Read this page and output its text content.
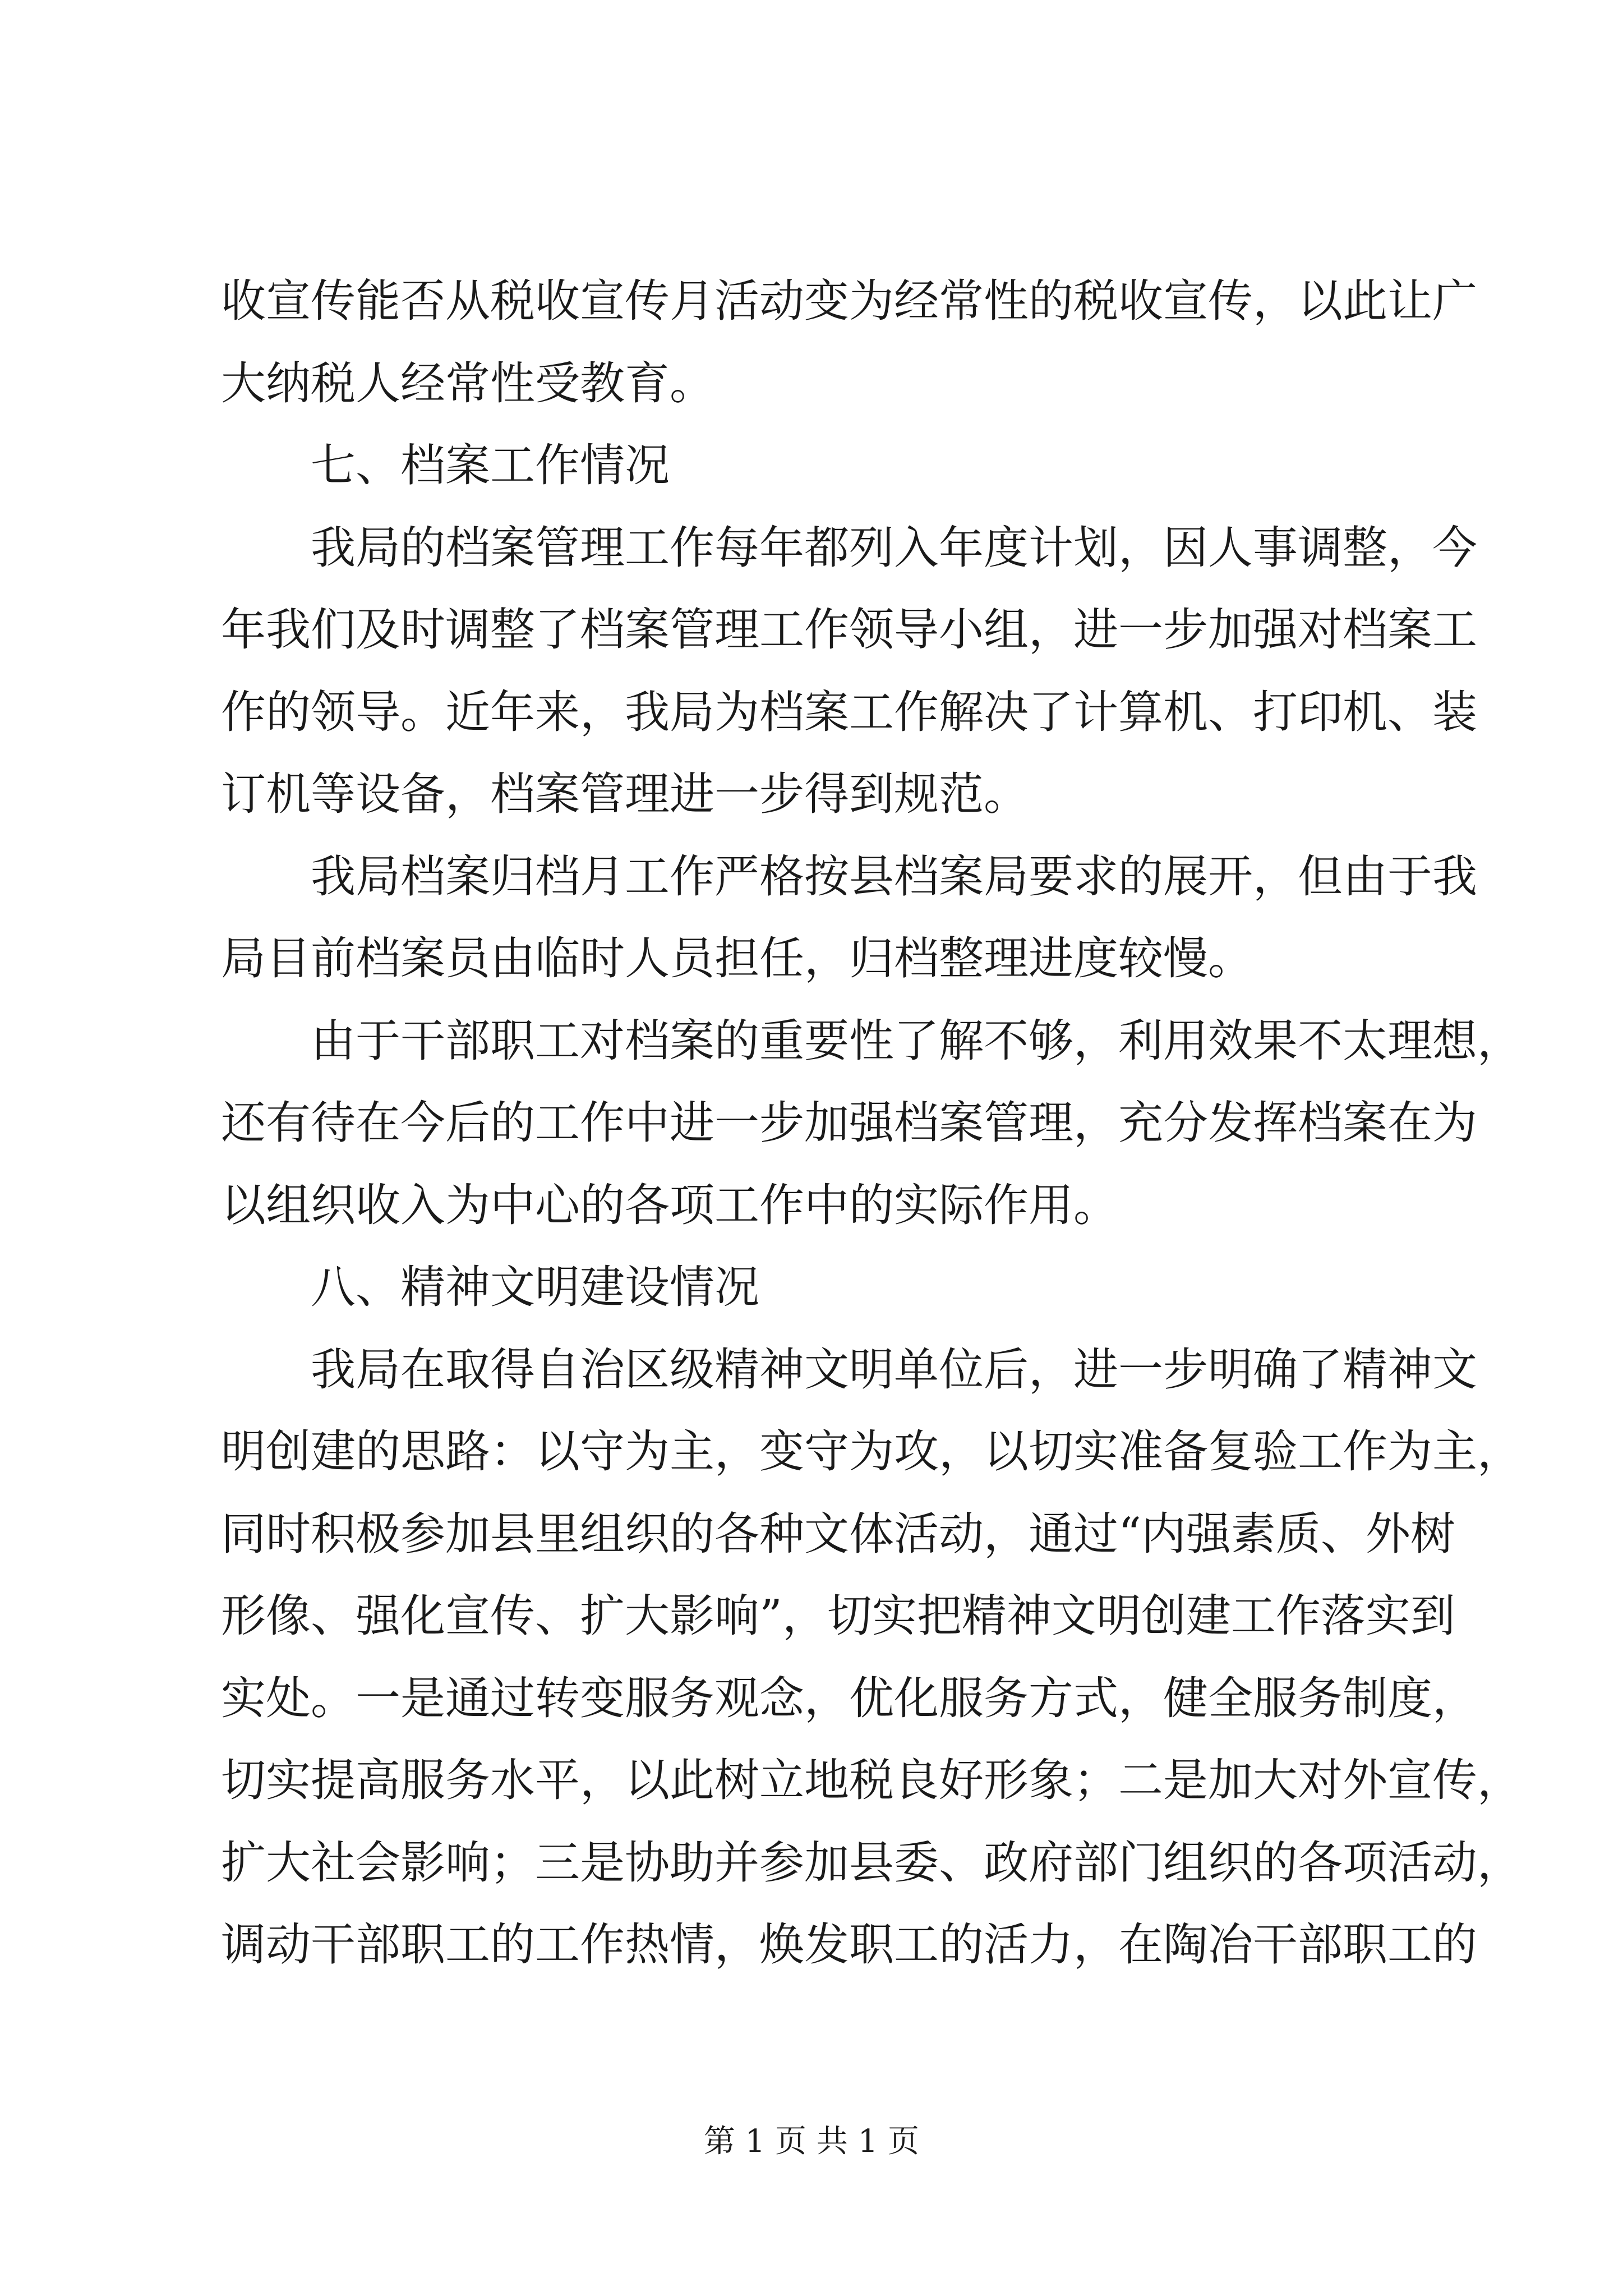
收宣传能否从税收宣传月活动变为经常性的税收宣传，以此让广
大纳税人经常性受教育。
七、档案工作情况
我局的档案管理工作每年都列入年度计划，因人事调整，今
年我们及时调整了档案管理工作领导小组，进一步加强对档案工
作的领导。近年来，我局为档案工作解决了计算机、打印机、装
订机等设备，档案管理进一步得到规范。
我局档案归档月工作严格按县档案局要求的展开，但由于我
局目前档案员由临时人员担任，归档整理进度较慢。
由于干部职工对档案的重要性了解不够，利用效果不太理想，
还有待在今后的工作中进一步加强档案管理，充分发挥档案在为
以组织收入为中心的各项工作中的实际作用。
八、精神文明建设情况
我局在取得自治区级精神文明单位后，进一步明确了精神文
明创建的思路：以守为主，变守为攻，以切实准备复验工作为主，
同时积极参加县里组织的各种文体活动，通过“内强素质、外树
形像、强化宣传、扩大影响”，切实把精神文明创建工作落实到
实处。一是通过转变服务观念，优化服务方式，健全服务制度，
切实提高服务水平，以此树立地税良好形象；二是加大对外宣传，
扩大社会影响；三是协助并参加县委、政府部门组织的各项活动，
调动干部职工的工作热情，焕发职工的活力，在陶冶干部职工的
第 1 页 共 1 页
